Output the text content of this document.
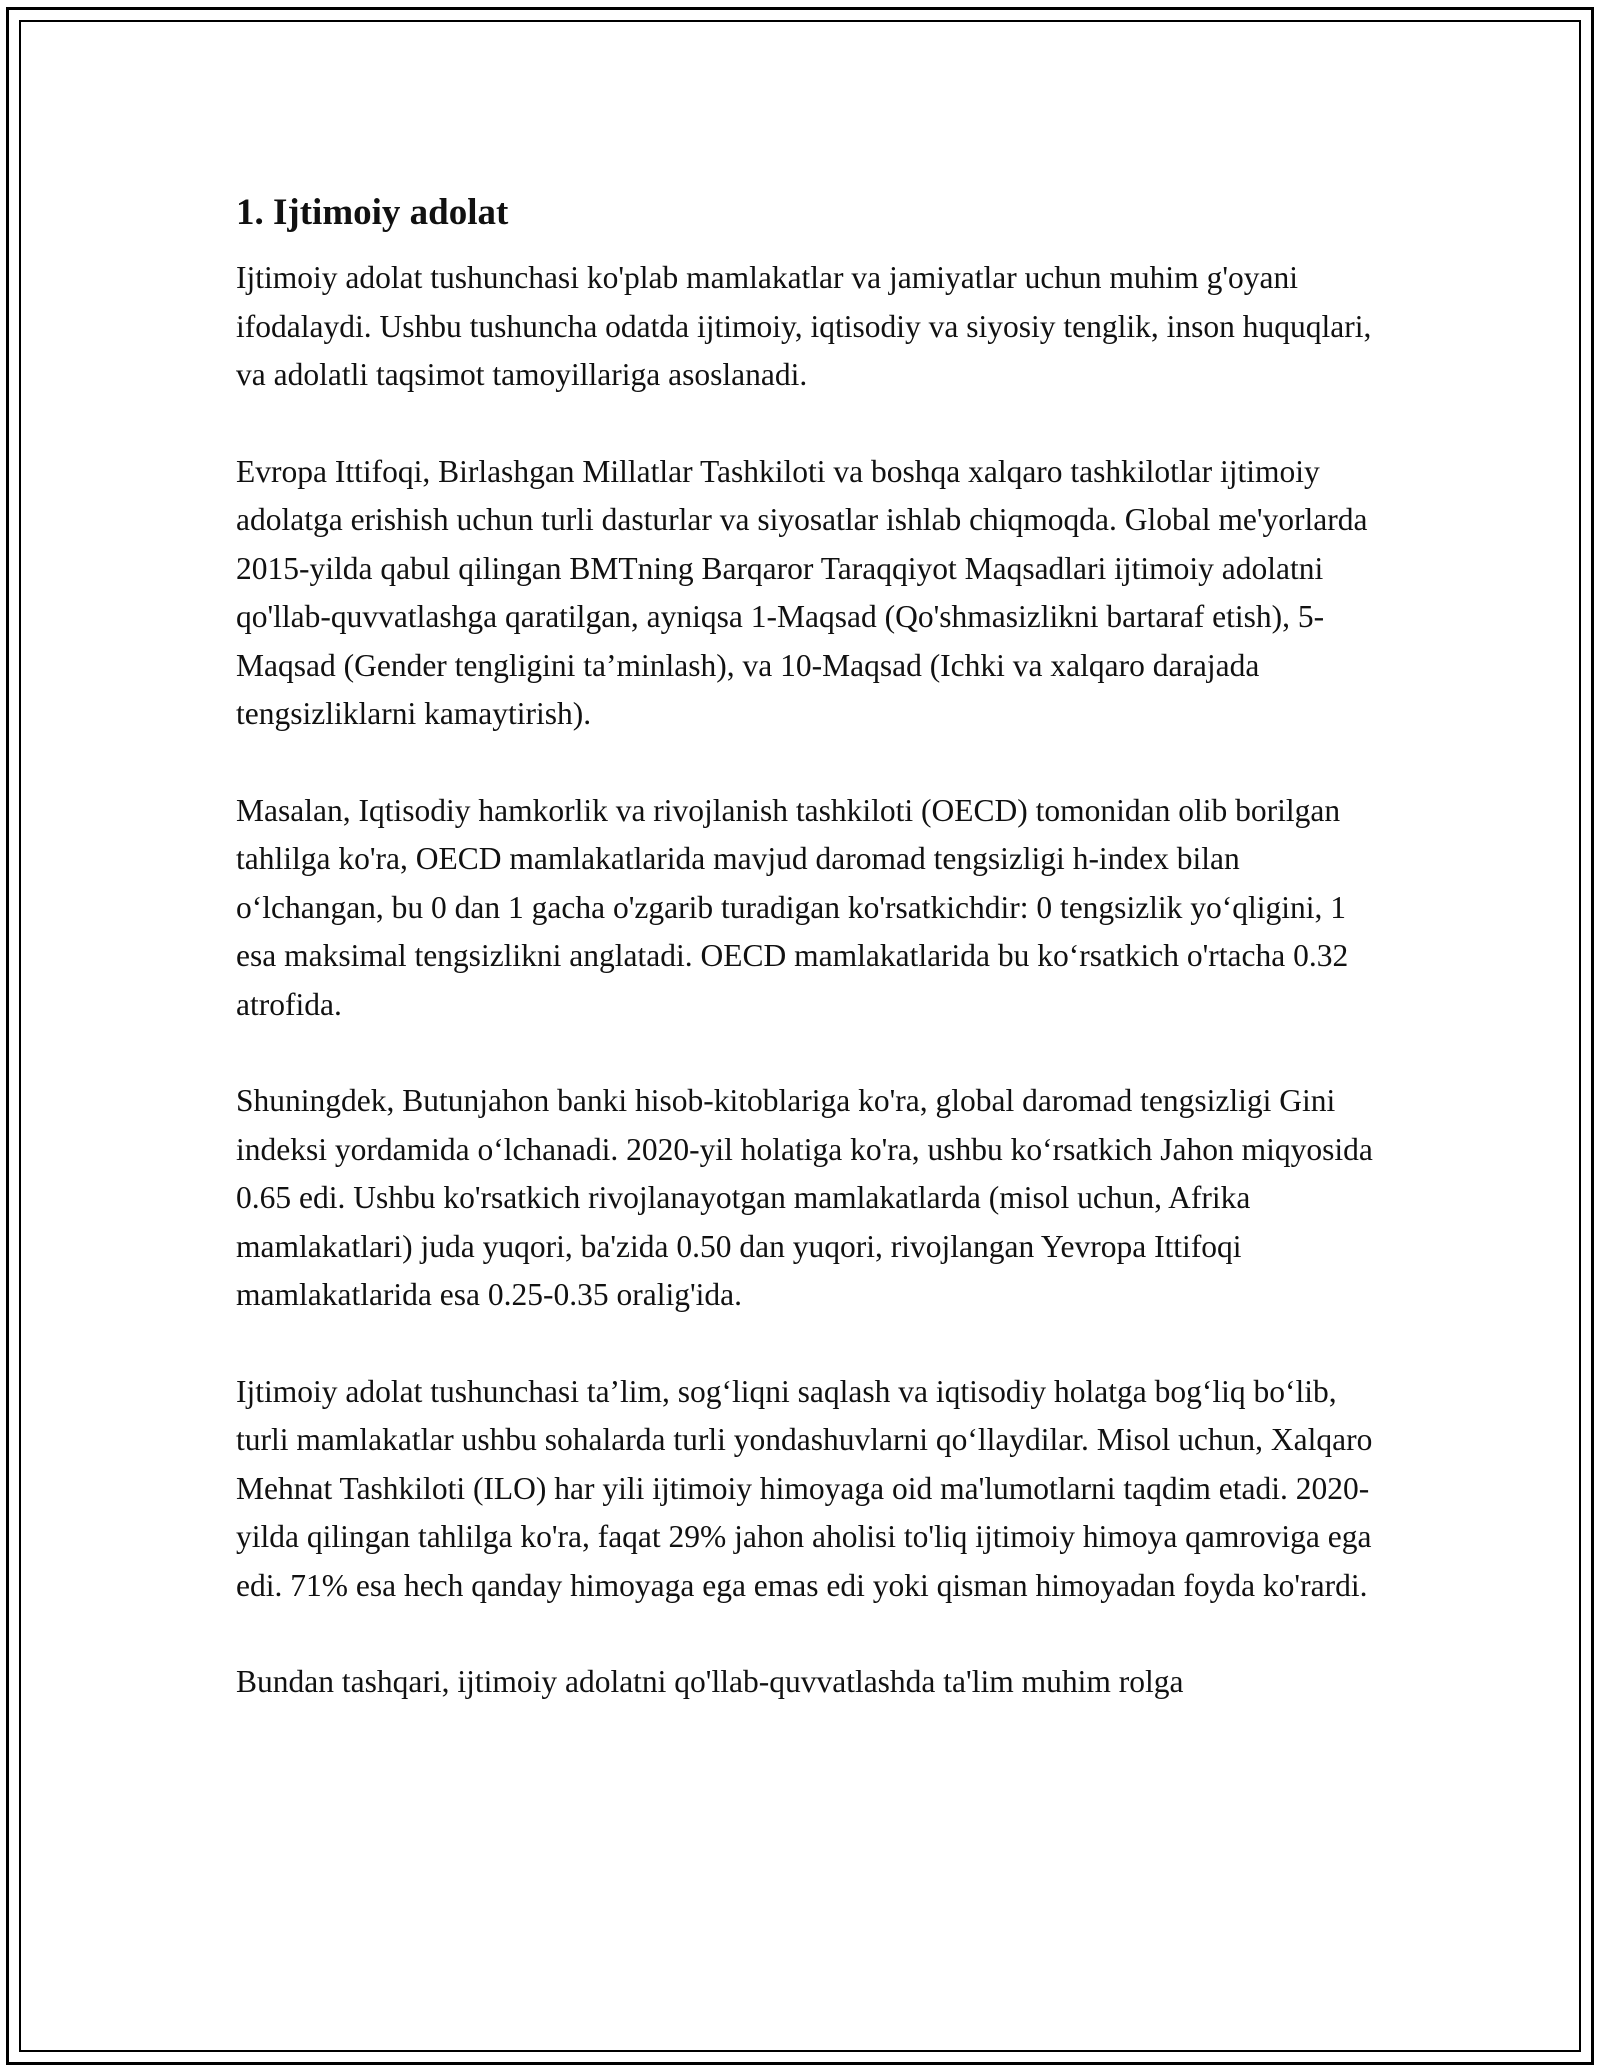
1. Ijtimoiy adolat

Ijtimoiy adolat tushunchasi ko'plab mamlakatlar va jamiyatlar uchun muhim g'oyani ifodalaydi. Ushbu tushuncha odatda ijtimoiy, iqtisodiy va siyosiy tenglik, inson huquqlari, va adolatli taqsimot tamoyillariga asoslanadi.

Evropa Ittifoqi, Birlashgan Millatlar Tashkiloti va boshqa xalqaro tashkilotlar ijtimoiy adolatga erishish uchun turli dasturlar va siyosatlar ishlab chiqmoqda. Global me'yorlarda 2015-yilda qabul qilingan BMTning Barqaror Taraqqiyot Maqsadlari ijtimoiy adolatni qo'llab-quvvatlashga qaratilgan, ayniqsa 1-Maqsad (Qo'shmasizlikni bartaraf etish), 5-Maqsad (Gender tengligini ta’minlash), va 10-Maqsad (Ichki va xalqaro darajada tengsizliklarni kamaytirish).

Masalan, Iqtisodiy hamkorlik va rivojlanish tashkiloti (OECD) tomonidan olib borilgan tahlilga ko'ra, OECD mamlakatlarida mavjud daromad tengsizligi h-index bilan o‘lchangan, bu 0 dan 1 gacha o'zgarib turadigan ko'rsatkichdir: 0 tengsizlik yo‘qligini, 1 esa maksimal tengsizlikni anglatadi. OECD mamlakatlarida bu ko‘rsatkich o'rtacha 0.32 atrofida.

Shuningdek, Butunjahon banki hisob-kitoblariga ko'ra, global daromad tengsizligi Gini indeksi yordamida o‘lchanadi. 2020-yil holatiga ko'ra, ushbu ko‘rsatkich Jahon miqyosida 0.65 edi. Ushbu ko'rsatkich rivojlanayotgan mamlakatlarda (misol uchun, Afrika mamlakatlari) juda yuqori, ba'zida 0.50 dan yuqori, rivojlangan Yevropa Ittifoqi mamlakatlarida esa 0.25-0.35 oralig'ida.

Ijtimoiy adolat tushunchasi ta’lim, sog‘liqni saqlash va iqtisodiy holatga bog‘liq bo‘lib, turli mamlakatlar ushbu sohalarda turli yondashuvlarni qo‘llaydilar. Misol uchun, Xalqaro Mehnat Tashkiloti (ILO) har yili ijtimoiy himoyaga oid ma'lumotlarni taqdim etadi. 2020-yilda qilingan tahlilga ko'ra, faqat 29% jahon aholisi to'liq ijtimoiy himoya qamroviga ega edi. 71% esa hech qanday himoyaga ega emas edi yoki qisman himoyadan foyda ko'rardi.

Bundan tashqari, ijtimoiy adolatni qo'llab-quvvatlashda ta'lim muhim rolga
